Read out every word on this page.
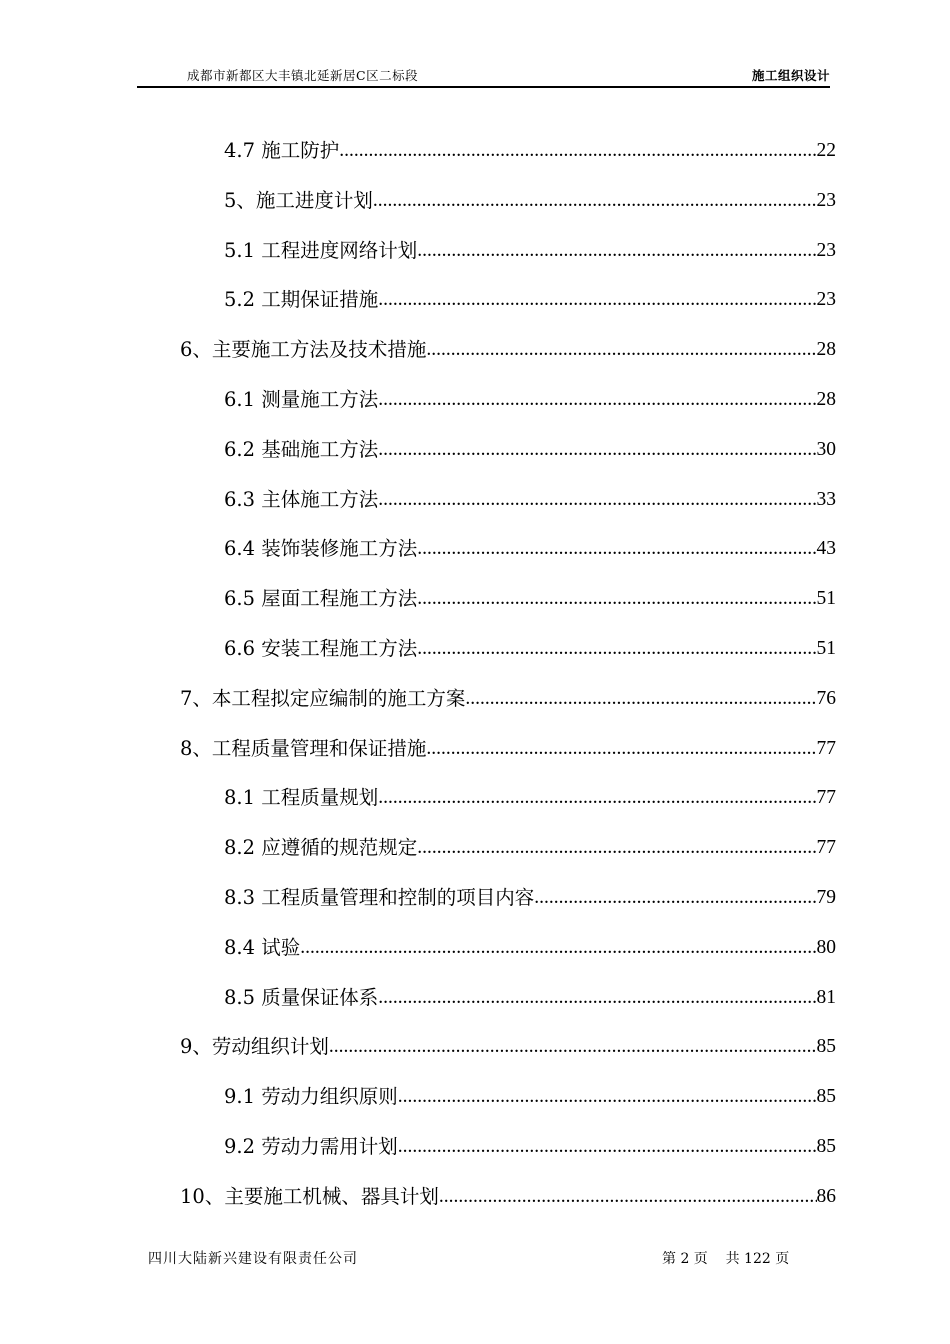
成都市新都区大丰镇北延新居C区二标段	施工组织设计
4.7 施工防护 .....	22
5、施工进度计划 .....	23
5.1 工程进度网络计划 .....	23
5.2 工期保证措施 .....	23
6、主要施工方法及技术措施 .....	28
6.1 测量施工方法 .....	28
6.2 基础施工方法 .....	30
6.3 主体施工方法 .....	33
6.4 装饰装修施工方法 .....	43
6.5 屋面工程施工方法 .....	51
6.6 安装工程施工方法 .....	51
7、本工程拟定应编制的施工方案 .....	76
8、工程质量管理和保证措施 .....	77
8.1 工程质量规划 .....	77
8.2 应遵循的规范规定 .....	77
8.3 工程质量管理和控制的项目内容 .....	79
8.4 试验 .....	80
8.5 质量保证体系 .....	81
9、劳动组织计划 .....	85
9.1 劳动力组织原则 .....	85
9.2 劳动力需用计划 .....	85
10、主要施工机械、器具计划 .....	86
四川大陆新兴建设有限责任公司	第 2 页    共 122 页
